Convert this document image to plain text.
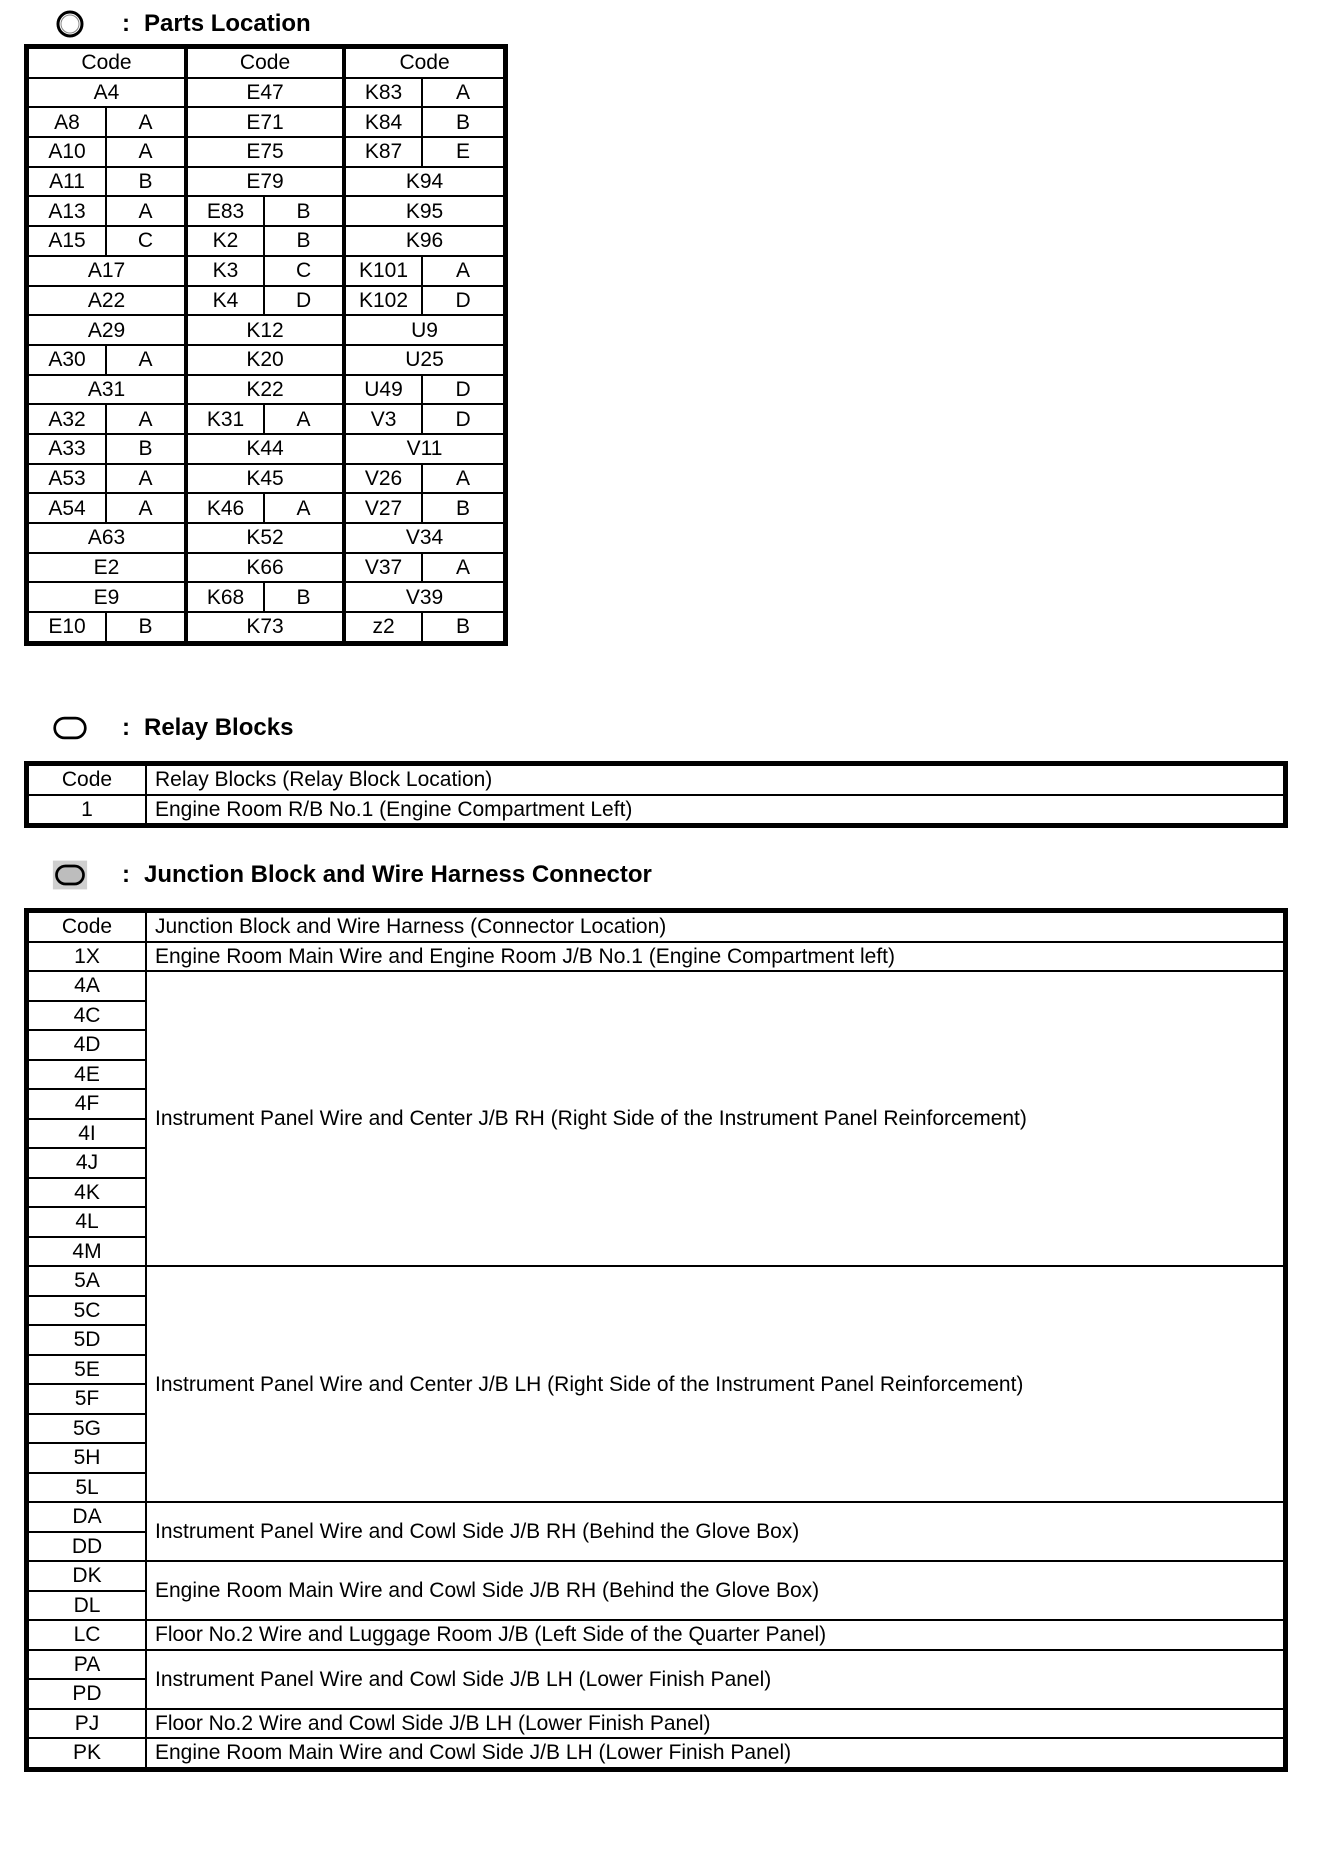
: Parts Location
Code		Code		Code	
A4		E47		K83	A
A8	A	E71		K84	B
A10	A	E75		K87	E
A11	B	E79		K94	
A13	A	E83	B	K95	
A15	C	K2	B	K96	
A17		K3	C	K101	A
A22		K4	D	K102	D
A29		K12		U9	
A30	A	K20		U25	
A31		K22		U49	D
A32	A	K31	A	V3	D
A33	B	K44		V11	
A53	A	K45		V26	A
A54	A	K46	A	V27	B
A63		K52		V34	
E2		K66		V37	A
E9		K68	B	V39	
E10	B	K73		z2	B
: Relay Blocks
Code	Relay Blocks (Relay Block Location)
1	Engine Room R/B No.1 (Engine Compartment Left)
: Junction Block and Wire Harness Connector
Code	Junction Block and Wire Harness (Connector Location)
1X	Engine Room Main Wire and Engine Room J/B No.1 (Engine Compartment left)
4A	Instrument Panel Wire and Center J/B RH (Right Side of the Instrument Panel Reinforcement)
4C	
4D	
4E	
4F	
4I	
4J	
4K	
4L	
4M	
5A	Instrument Panel Wire and Center J/B LH (Right Side of the Instrument Panel Reinforcement)
5C	
5D	
5E	
5F	
5G	
5H	
5L	
DA	Instrument Panel Wire and Cowl Side J/B RH (Behind the Glove Box)
DD	
DK	Engine Room Main Wire and Cowl Side J/B RH (Behind the Glove Box)
DL	
LC	Floor No.2 Wire and Luggage Room J/B (Left Side of the Quarter Panel)
PA	Instrument Panel Wire and Cowl Side J/B LH (Lower Finish Panel)
PD	
PJ	Floor No.2 Wire and Cowl Side J/B LH (Lower Finish Panel)
PK	Engine Room Main Wire and Cowl Side J/B LH (Lower Finish Panel)
